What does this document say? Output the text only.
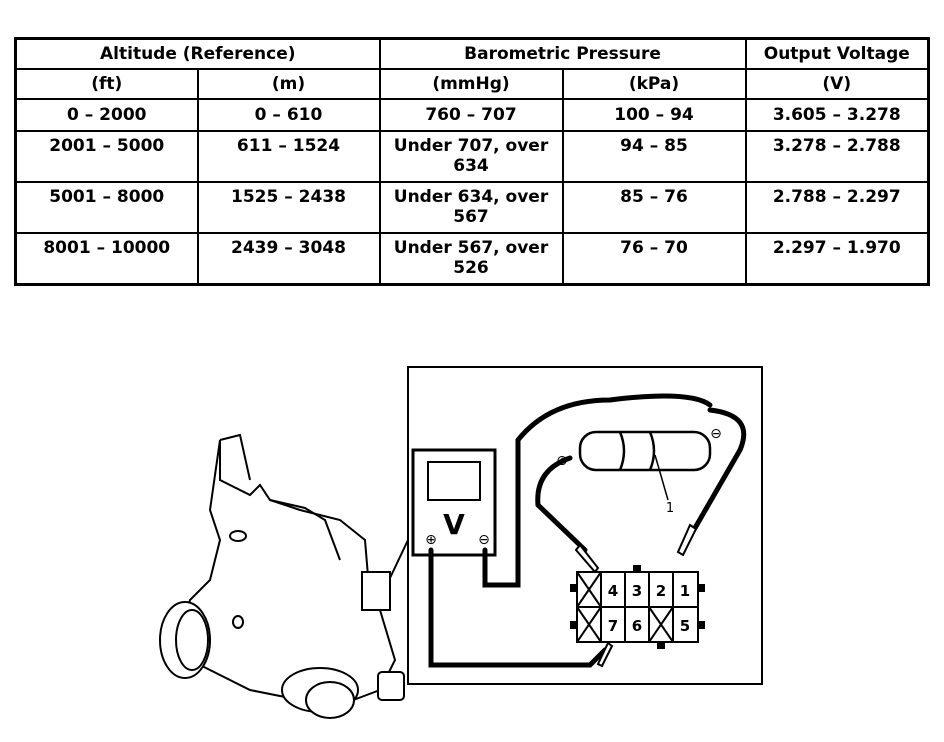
Altitude (Reference)		Barometric Pressure		Output Voltage
(ft)	(m)	(mmHg)	(kPa)	(V)
0 – 2000	0 – 610	760 – 707	100 – 94	3.605 – 3.278
2001 – 5000	611 – 1524	Under 707, over 634	94 – 85	3.278 – 2.788
5001 – 8000	1525 – 2438	Under 634, over 567	85 – 76	2.788 – 2.297
8001 – 10000	2439 – 3048	Under 567, over 526	76 – 70	2.297 – 1.970
V
⊕	⊖
⊕
⊖
1
4 3 2 1
7 6	5
